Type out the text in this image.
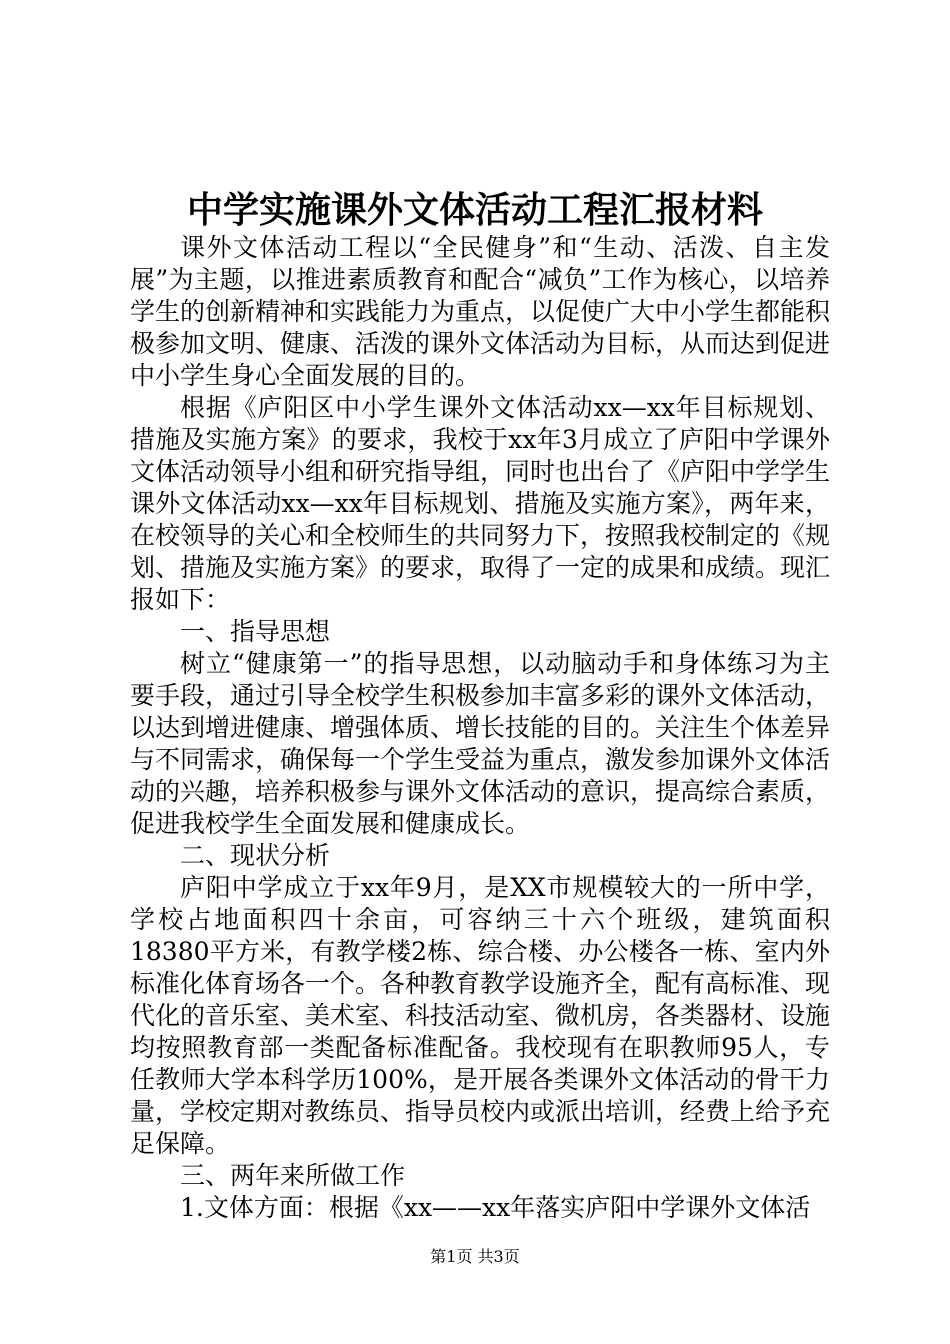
中学实施课外文体活动工程汇报材料

课外文体活动工程以“全民健身”和“生动、活泼、自主发展”为主题，以推进素质教育和配合“减负”工作为核心，以培养学生的创新精神和实践能力为重点，以促使广大中小学生都能积极参加文明、健康、活泼的课外文体活动为目标，从而达到促进中小学生身心全面发展的目的。

根据《庐阳区中小学生课外文体活动xx—xx年目标规划、措施及实施方案》的要求，我校于xx年3月成立了庐阳中学课外文体活动领导小组和研究指导组，同时也出台了《庐阳中学学生课外文体活动xx—xx年目标规划、措施及实施方案》，两年来，在校领导的关心和全校师生的共同努力下，按照我校制定的《规划、措施及实施方案》的要求，取得了一定的成果和成绩。现汇报如下：

一、指导思想

树立“健康第一”的指导思想，以动脑动手和身体练习为主要手段，通过引导全校学生积极参加丰富多彩的课外文体活动，以达到增进健康、增强体质、增长技能的目的。关注生个体差异与不同需求，确保每一个学生受益为重点，激发参加课外文体活动的兴趣，培养积极参与课外文体活动的意识，提高综合素质，促进我校学生全面发展和健康成长。

二、现状分析

庐阳中学成立于xx年9月，是XX市规模较大的一所中学，学校占地面积四十余亩，可容纳三十六个班级，建筑面积18380平方米，有教学楼2栋、综合楼、办公楼各一栋、室内外标准化体育场各一个。各种教育教学设施齐全，配有高标准、现代化的音乐室、美术室、科技活动室、微机房，各类器材、设施均按照教育部一类配备标准配备。我校现有在职教师95人，专任教师大学本科学历100%，是开展各类课外文体活动的骨干力量，学校定期对教练员、指导员校内或派出培训，经费上给予充足保障。

三、两年来所做工作

1.文体方面：根据《xx——xx年落实庐阳中学课外文体活

第1页 共3页
